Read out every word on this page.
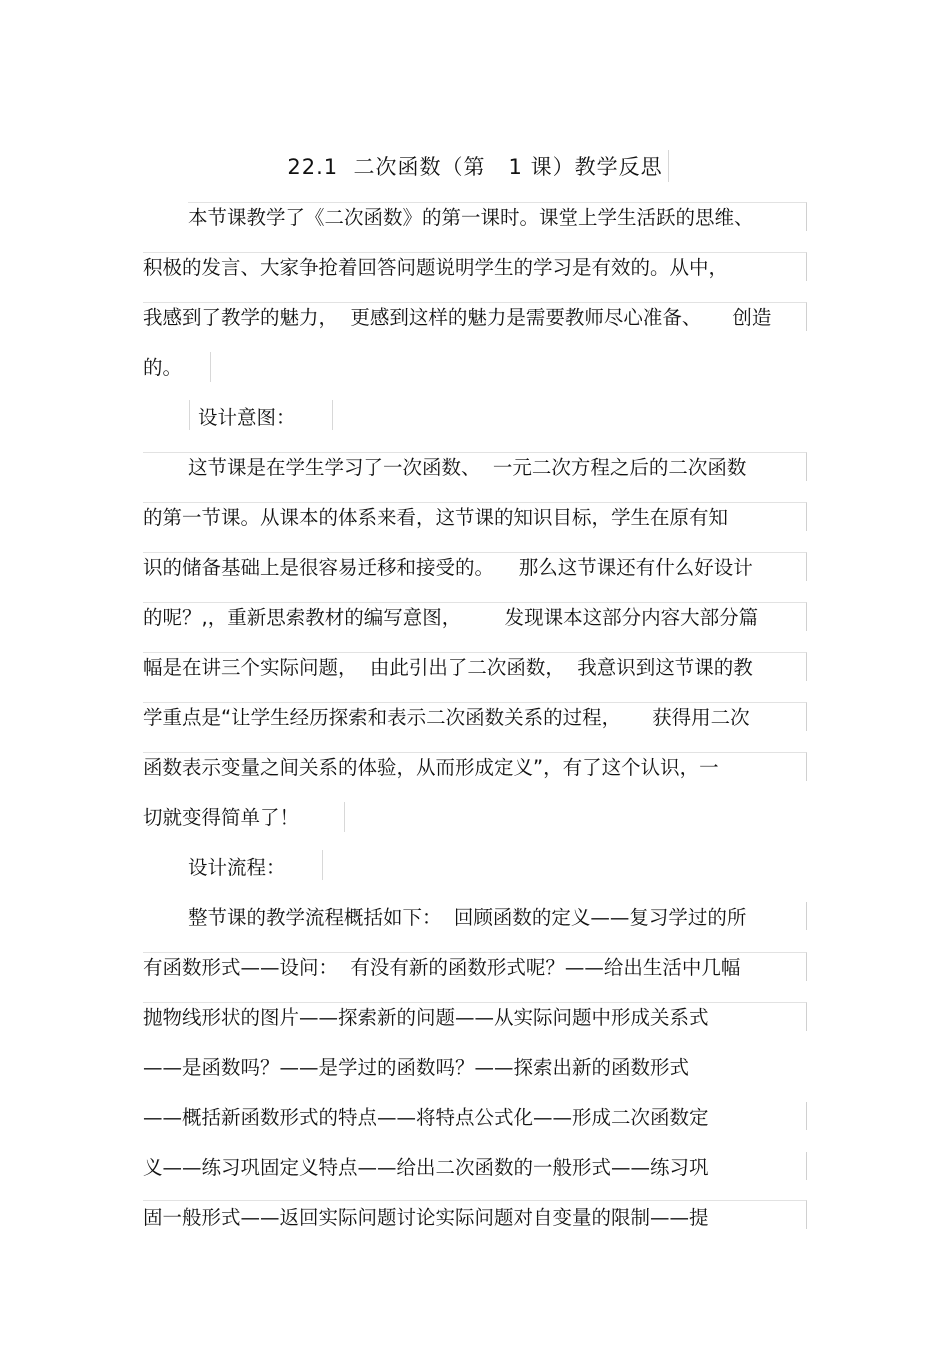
22.1  二次函数（第   1 课）教学反思
本节课教学了《二次函数》的第一课时。课堂上学生活跃的思维、
积极的发言、大家争抢着回答问题说明学生的学习是有效的。从中，
我感到了教学的魅力，  更感到这样的魅力是需要教师尽心准备、     创造
的。
设计意图：
这节课是在学生学习了一次函数、  一元二次方程之后的二次函数
的第一节课。从课本的体系来看，这节课的知识目标，学生在原有知
识的储备基础上是很容易迁移和接受的。    那么这节课还有什么好设计
的呢？,，重新思索教材的编写意图，       发现课本这部分内容大部分篇
幅是在讲三个实际问题，  由此引出了二次函数，  我意识到这节课的教
学重点是“让学生经历探索和表示二次函数关系的过程，     获得用二次
函数表示变量之间关系的体验，从而形成定义”，有了这个认识，一
切就变得简单了！
设计流程：
整节课的教学流程概括如下：  回顾函数的定义——复习学过的所
有函数形式——设问：  有没有新的函数形式呢？——给出生活中几幅
抛物线形状的图片——探索新的问题——从实际问题中形成关系式
——是函数吗？——是学过的函数吗？——探索出新的函数形式
——概括新函数形式的特点——将特点公式化——形成二次函数定
义——练习巩固定义特点——给出二次函数的一般形式——练习巩
固一般形式——返回实际问题讨论实际问题对自变量的限制——提
